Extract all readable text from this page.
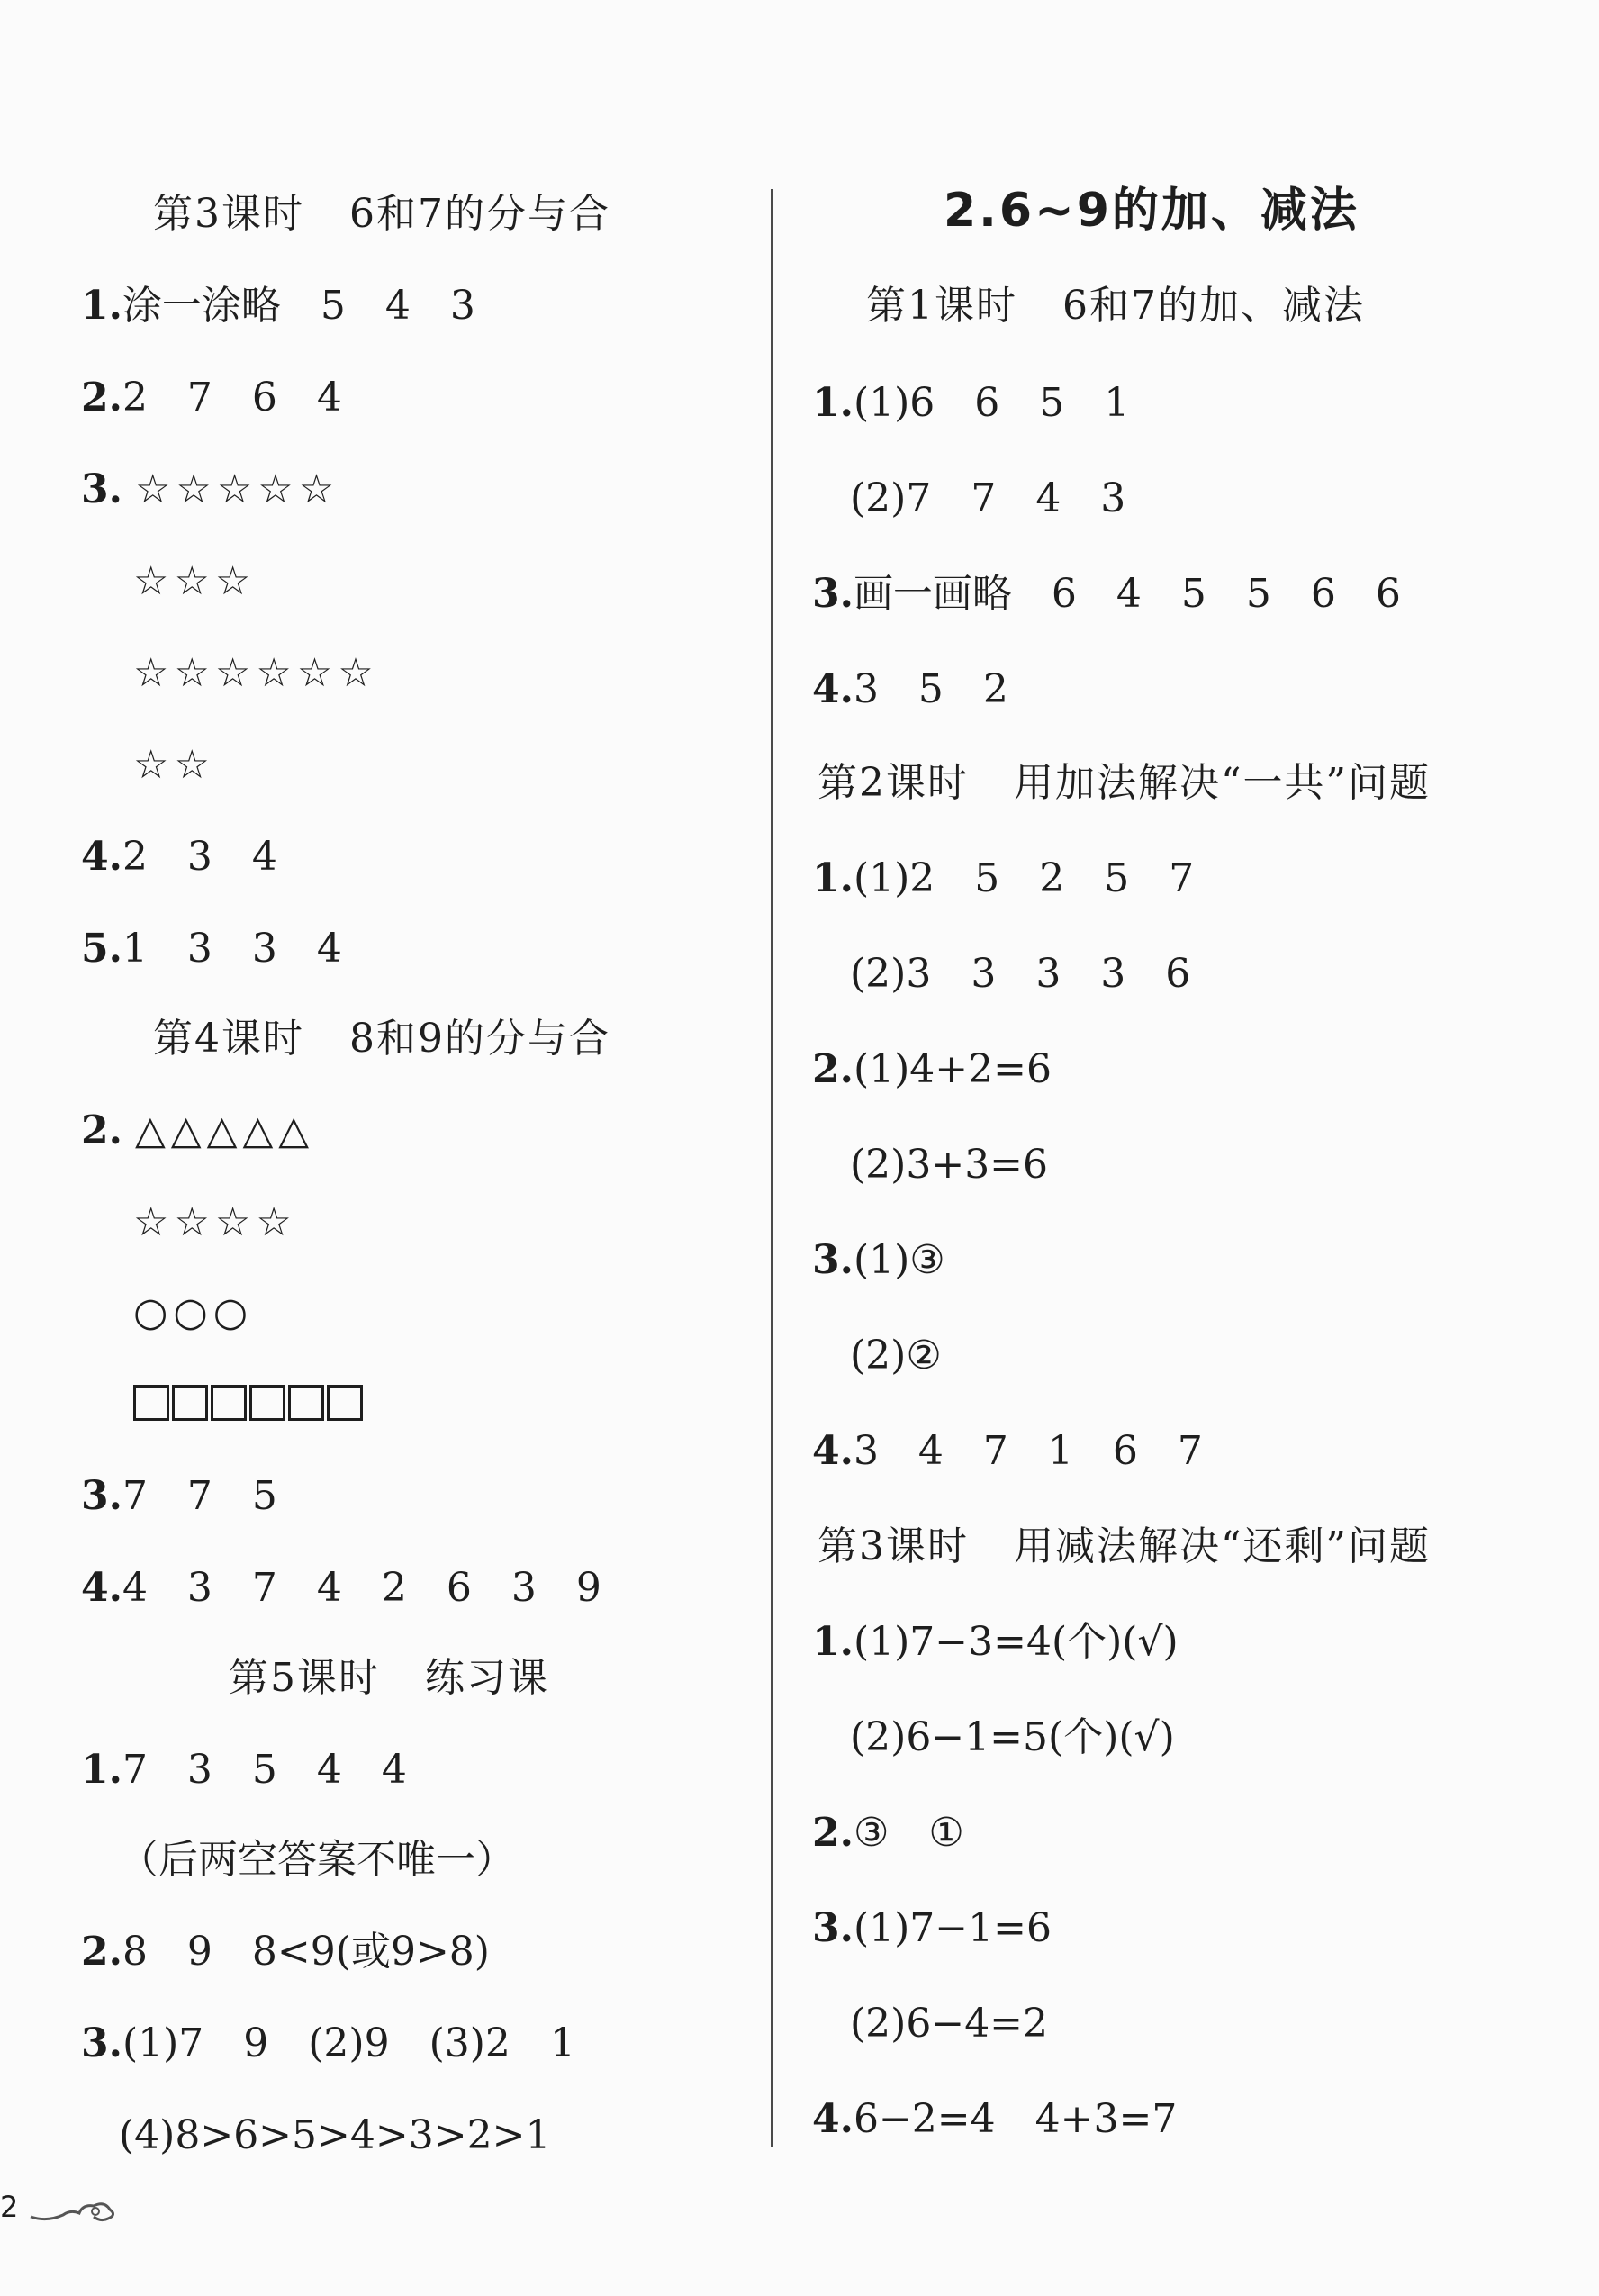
第3课时 6和7的分与合
1.涂一涂略　5　4　3
2.2　7　6　4
3. ☆☆☆☆☆
☆☆☆
☆☆☆☆☆☆
☆☆
4.2　3　4
5.1　3　3　4
第4课时 8和9的分与合
2. △△△△△
☆☆☆☆
○○○
3.7　7　5
4.4　3　7　4　2　6　3　9
第5课时 练习课
1.7　3　5　4　4
（后两空答案不唯一）
2.8　9　8<9(或9>8)
3.(1)7　9　(2)9　(3)2　1
(4)8>6>5>4>3>2>1
2.6~9的加、减法
第1课时 6和7的加、减法
1.(1)6　6　5　1
(2)7　7　4　3
3.画一画略　6　4　5　5　6　6
4.3　5　2
第2课时 用加法解决“一共”问题
1.(1)2　5　2　5　7
(2)3　3　3　3　6
2.(1)4+2=6
(2)3+3=6
3.(1)③
(2)②
4.3　4　7　1　6　7
第3课时 用减法解决“还剩”问题
1.(1)7−3=4(个)(√)
(2)6−1=5(个)(√)
2.③　①
3.(1)7−1=6
(2)6−4=2
4.6−2=4　4+3=7
2
